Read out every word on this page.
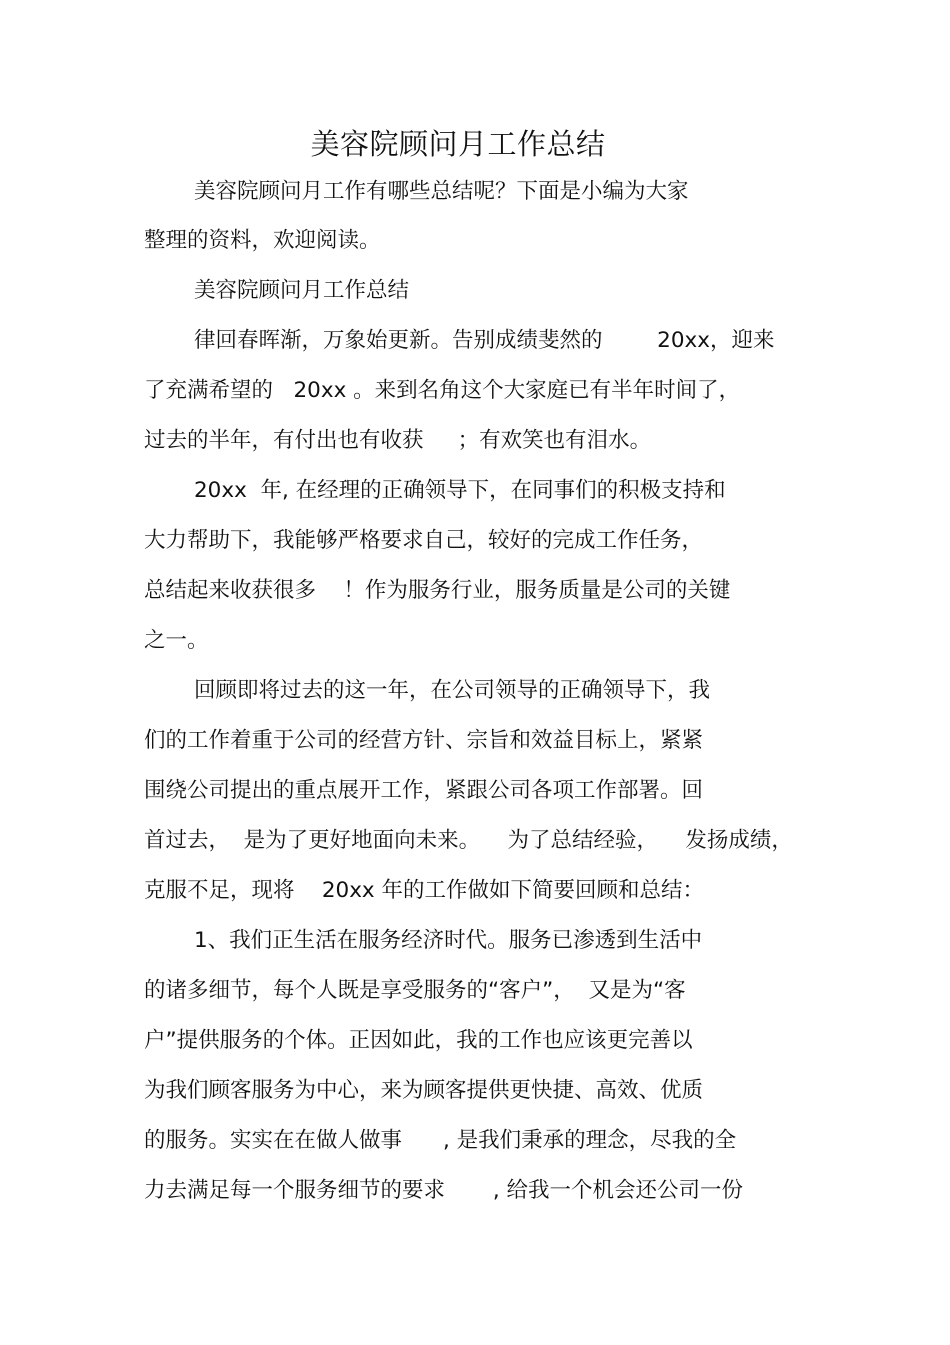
美容院顾问月工作总结
美容院顾问月工作有哪些总结呢？下面是小编为大家
整理的资料，欢迎阅读。
美容院顾问月工作总结
律回春晖渐，万象始更新。告别成绩斐然的        20xx，迎来
了充满希望的   20xx 。来到名角这个大家庭已有半年时间了，
过去的半年，有付出也有收获     ；有欢笑也有泪水。
20xx  年, 在经理的正确领导下，在同事们的积极支持和
大力帮助下，我能够严格要求自己，较好的完成工作任务，
总结起来收获很多    ！作为服务行业，服务质量是公司的关键
之一。
回顾即将过去的这一年，在公司领导的正确领导下，我
们的工作着重于公司的经营方针、宗旨和效益目标上，紧紧
围绕公司提出的重点展开工作，紧跟公司各项工作部署。回
首过去，  是为了更好地面向未来。    为了总结经验，    发扬成绩，
克服不足，现将    20xx 年的工作做如下简要回顾和总结：
1、我们正生活在服务经济时代。服务已渗透到生活中
的诸多细节，每个人既是享受服务的“客户”，  又是为“客
户”提供服务的个体。正因如此，我的工作也应该更完善以
为我们顾客服务为中心，来为顾客提供更快捷、高效、优质
的服务。实实在在做人做事      , 是我们秉承的理念，尽我的全
力去满足每一个服务细节的要求       , 给我一个机会还公司一份
